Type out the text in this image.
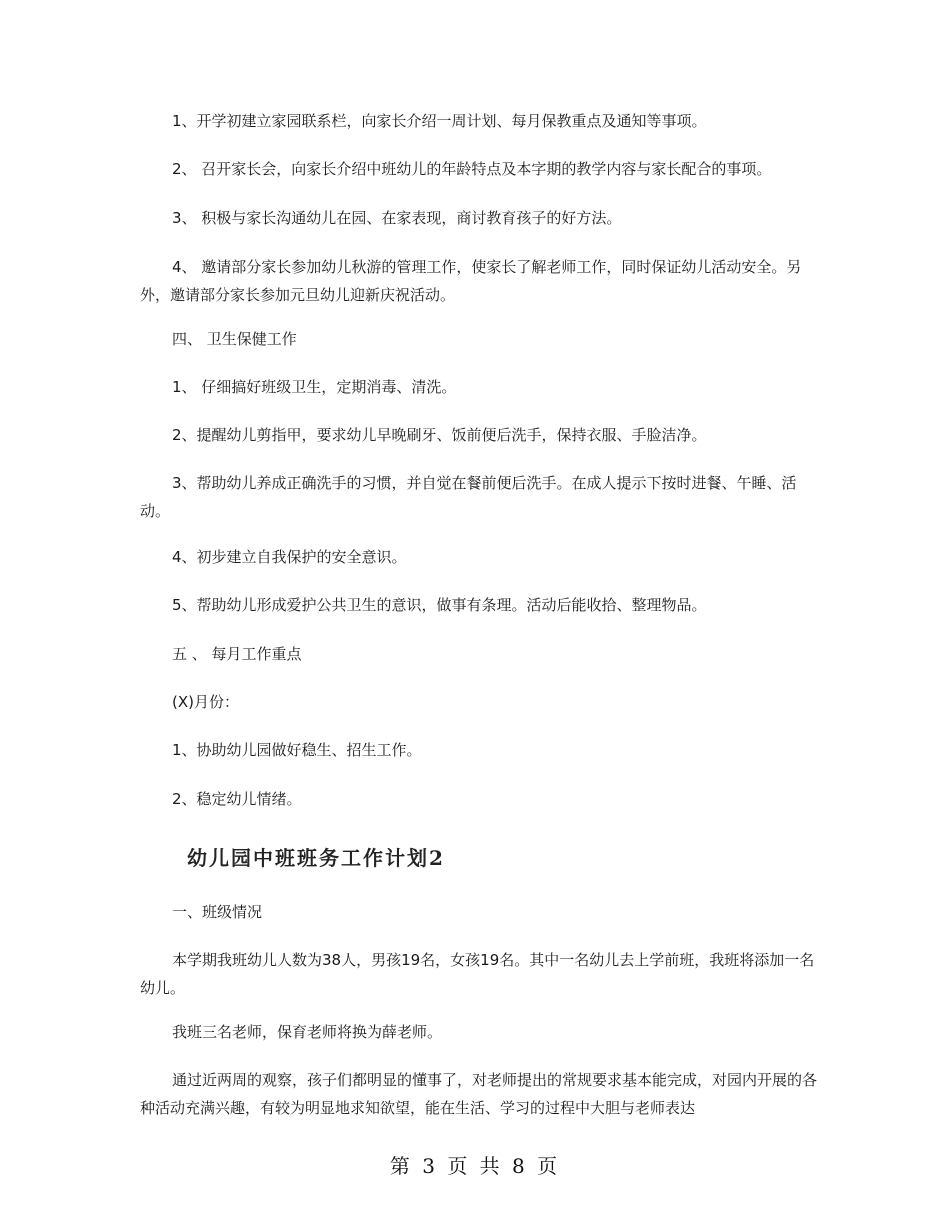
1、开学初建立家园联系栏，向家长介绍一周计划、每月保教重点及通知等事项。

2、 召开家长会，向家长介绍中班幼儿的年龄特点及本字期的教学内容与家长配合的事项。

3、 积极与家长沟通幼儿在园、在家表现，商讨教育孩子的好方法。

4、 邀请部分家长参加幼儿秋游的管理工作，使家长了解老师工作，同时保证幼儿活动安全。另外，邀请部分家长参加元旦幼儿迎新庆祝活动。

四、 卫生保健工作

1、 仔细搞好班级卫生，定期消毒、清洗。

2、提醒幼儿剪指甲，要求幼儿早晚刷牙、饭前便后洗手，保持衣服、手脸洁净。

3、帮助幼儿养成正确洗手的习惯，并自觉在餐前便后洗手。在成人提示下按时进餐、午睡、活动。

4、初步建立自我保护的安全意识。

5、帮助幼儿形成爱护公共卫生的意识，做事有条理。活动后能收拾、整理物品。

五 、 每月工作重点

(X)月份：

1、协助幼儿园做好稳生、招生工作。

2、稳定幼儿情绪。

幼儿园中班班务工作计划2

一、班级情况

本学期我班幼儿人数为38人，男孩19名，女孩19名。其中一名幼儿去上学前班，我班将添加一名幼儿。

我班三名老师，保育老师将换为薛老师。

通过近两周的观察，孩子们都明显的懂事了，对老师提出的常规要求基本能完成，对园内开展的各种活动充满兴趣，有较为明显地求知欲望，能在生活、学习的过程中大胆与老师表达

第 3 页 共 8 页
